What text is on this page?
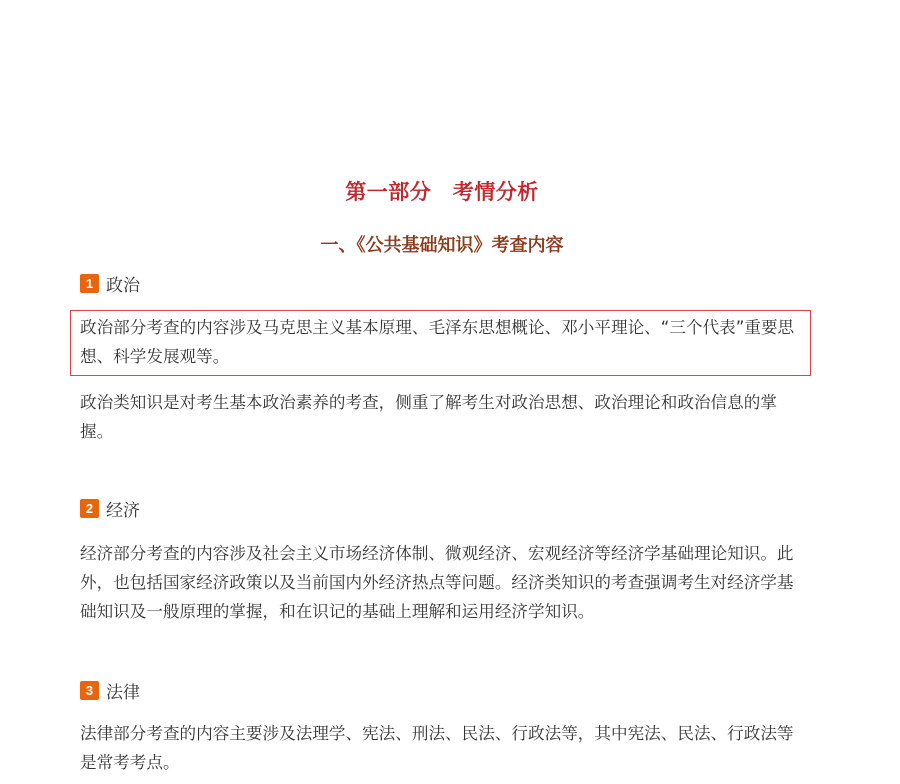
第一部分　考情分析
一、《公共基础知识》考查内容
1 政治

政治部分考查的内容涉及马克思主义基本原理、毛泽东思想概论、邓小平理论、“三个代表”重要思想、科学发展观等。

政治类知识是对考生基本政治素养的考查，侧重了解考生对政治思想、政治理论和政治信息的掌握。

2 经济

经济部分考查的内容涉及社会主义市场经济体制、微观经济、宏观经济等经济学基础理论知识。此外，也包括国家经济政策以及当前国内外经济热点等问题。经济类知识的考查强调考生对经济学基础知识及一般原理的掌握，和在识记的基础上理解和运用经济学知识。

3 法律

法律部分考查的内容主要涉及法理学、宪法、刑法、民法、行政法等，其中宪法、民法、行政法等是常考考点。
